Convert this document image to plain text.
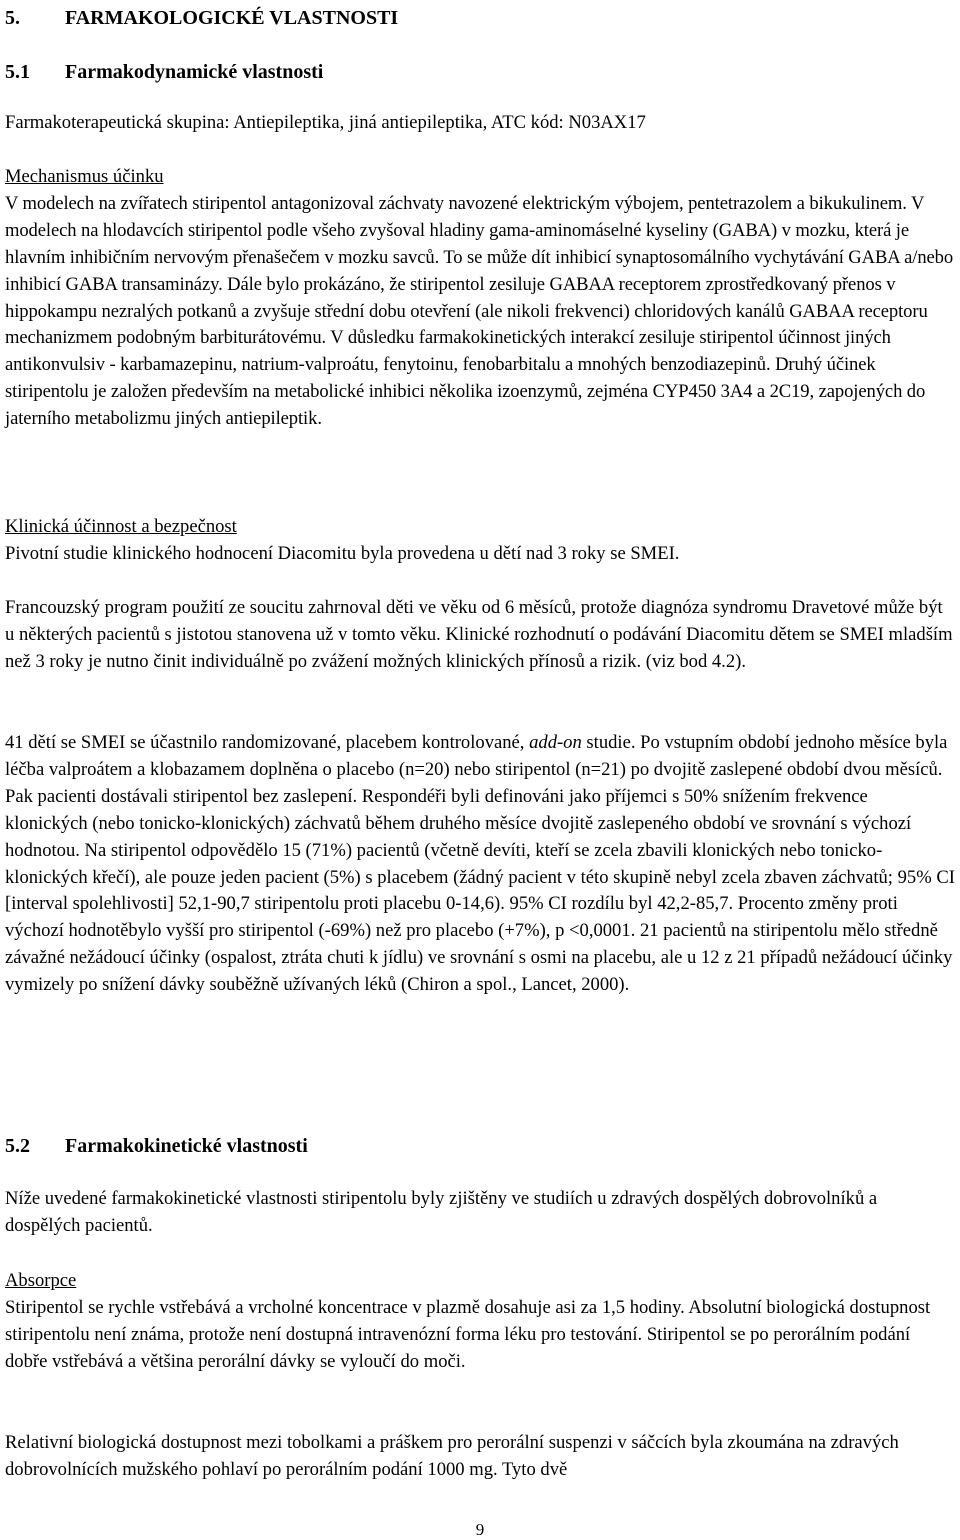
5. FARMAKOLOGICKÉ VLASTNOSTI
5.1 Farmakodynamické vlastnosti

Farmakoterapeutická skupina: Antiepileptika, jiná antiepileptika, ATC kód: N03AX17

Mechanismus účinku

V modelech na zvířatech stiripentol antagonizoval záchvaty navozené elektrickým výbojem, pentetrazolem a bikukulinem. V modelech na hlodavcích stiripentol podle všeho zvyšoval hladiny gama-aminomáselné kyseliny (GABA) v mozku, která je hlavním inhibičním nervovým přenašečem v mozku savců. To se může dít inhibicí synaptosomálního vychytávání GABA a/nebo inhibicí GABA transaminázy. Dále bylo prokázáno, že stiripentol zesiluje GABAA receptorem zprostředkovaný přenos v hippokampu nezralých potkanů a zvyšuje střední dobu otevření (ale nikoli frekvenci) chloridových kanálů GABAA receptoru mechanizmem podobným barbiturátovému. V důsledku farmakokinetických interakcí zesiluje stiripentol účinnost jiných antikonvulsiv - karbamazepinu, natrium-valproátu, fenytoinu, fenobarbitalu a mnohých benzodiazepinů. Druhý účinek stiripentolu je založen především na metabolické inhibici několika izoenzymů, zejména CYP450 3A4 a 2C19, zapojených do jaterního metabolizmu jiných antiepileptik.

Klinická účinnost a bezpečnost

Pivotní studie klinického hodnocení Diacomitu byla provedena u dětí nad 3 roky se SMEI.

Francouzský program použití ze soucitu zahrnoval děti ve věku od 6 měsíců, protože diagnóza syndromu Dravetové může být u některých pacientů s jistotou stanovena už v tomto věku. Klinické rozhodnutí o podávání Diacomitu dětem se SMEI mladším než 3 roky je nutno činit individuálně po zvážení možných klinických přínosů a rizik. (viz bod 4.2).

41 dětí se SMEI se účastnilo randomizované, placebem kontrolované, add-on studie. Po vstupním období jednoho měsíce byla léčba valproátem a klobazamem doplněna o placebo (n=20) nebo stiripentol (n=21) po dvojitě zaslepené období dvou měsíců. Pak pacienti dostávali stiripentol bez zaslepení. Respondéři byli definováni jako příjemci s 50% snížením frekvence klonických (nebo tonicko-klonických) záchvatů během druhého měsíce dvojitě zaslepeného období ve srovnání s výchozí hodnotou. Na stiripentol odpovědělo 15 (71%) pacientů (včetně devíti, kteří se zcela zbavili klonických nebo tonicko-klonických křečí), ale pouze jeden pacient (5%) s placebem (žádný pacient v této skupině nebyl zcela zbaven záchvatů; 95% CI [interval spolehlivosti] 52,1-90,7 stiripentolu proti placebu 0-14,6). 95% CI rozdílu byl 42,2-85,7. Procento změny proti výchozí hodnotěbylo vyšší pro stiripentol (-69%) než pro placebo (+7%), p <0,0001. 21 pacientů na stiripentolu mělo středně závažné nežádoucí účinky (ospalost, ztráta chuti k jídlu) ve srovnání s osmi na placebu, ale u 12 z 21 případů nežádoucí účinky vymizely po snížení dávky souběžně užívaných léků (Chiron a spol., Lancet, 2000).

5.2 Farmakokinetické vlastnosti

Níže uvedené farmakokinetické vlastnosti stiripentolu byly zjištěny ve studiích u zdravých dospělých dobrovolníků a dospělých pacientů.

Absorpce

Stiripentol se rychle vstřebává a vrcholné koncentrace v plazmě dosahuje asi za 1,5 hodiny. Absolutní biologická dostupnost stiripentolu není známa, protože není dostupná intravenózní forma léku pro testování. Stiripentol se po perorálním podání dobře vstřebává a většina perorální dávky se vyloučí do moči.

Relativní biologická dostupnost mezi tobolkami a práškem pro perorální suspenzi v sáčcích byla zkoumána na zdravých dobrovolnících mužského pohlaví po perorálním podání 1000 mg. Tyto dvě

9
